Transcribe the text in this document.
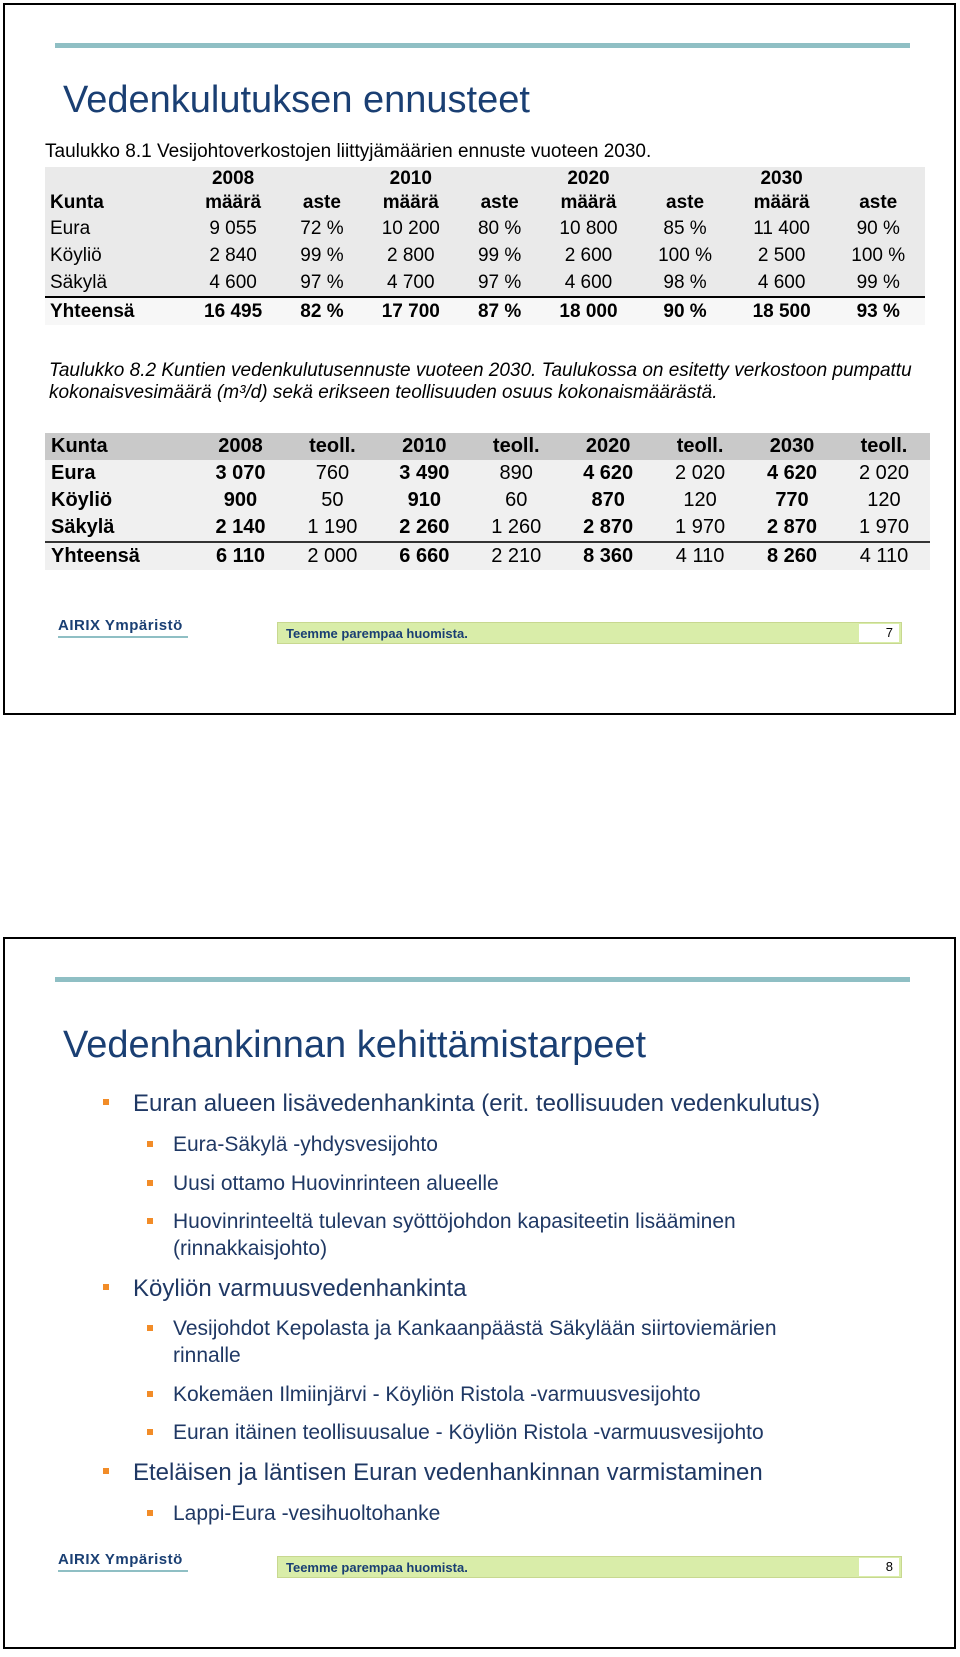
Vedenkulutuksen ennusteet
Taulukko 8.1 Vesijohtoverkostojen liittyjämäärien ennuste vuoteen 2030.
	2008		2010		2020		2030	
Kunta	määrä	aste	määrä	aste	määrä	aste	määrä	aste
Eura	9 055	72 %	10 200	80 %	10 800	85 %	11 400	90 %
Köyliö	2 840	99 %	2 800	99 %	2 600	100 %	2 500	100 %
Säkylä	4 600	97 %	4 700	97 %	4 600	98 %	4 600	99 %
Yhteensä	16 495	82 %	17 700	87 %	18 000	90 %	18 500	93 %
Taulukko 8.2 Kuntien vedenkulutusennuste vuoteen 2030. Taulukossa on esitetty verkostoon pumpattu kokonaisvesimäärä (m³/d) sekä erikseen teollisuuden osuus kokonaismäärästä.
Kunta	2008	teoll.	2010	teoll.	2020	teoll.	2030	teoll.
Eura	3 070	760	3 490	890	4 620	2 020	4 620	2 020
Köyliö	900	50	910	60	870	120	770	120
Säkylä	2 140	1 190	2 260	1 260	2 870	1 970	2 870	1 970
Yhteensä	6 110	2 000	6 660	2 210	8 360	4 110	8 260	4 110
AIRIX Ympäristö	Teemme parempaa huomista.	7
Vedenhankinnan kehittämistarpeet
Euran alueen lisävedenhankinta (erit. teollisuuden vedenkulutus)
Eura-Säkylä -yhdysvesijohto
Uusi ottamo Huovinrinteen alueelle
Huovinrinteeltä tulevan syöttöjohdon kapasiteetin lisääminen
(rinnakkaisjohto)
Köyliön varmuusvedenhankinta
Vesijohdot Kepolasta ja Kankaanpäästä Säkylään siirtoviemärien
rinnalle
Kokemäen Ilmiinjärvi - Köyliön Ristola -varmuusvesijohto
Euran itäinen teollisuusalue - Köyliön Ristola -varmuusvesijohto
Eteläisen ja läntisen Euran vedenhankinnan varmistaminen
Lappi-Eura -vesihuoltohanke
AIRIX Ympäristö	Teemme parempaa huomista.	8
